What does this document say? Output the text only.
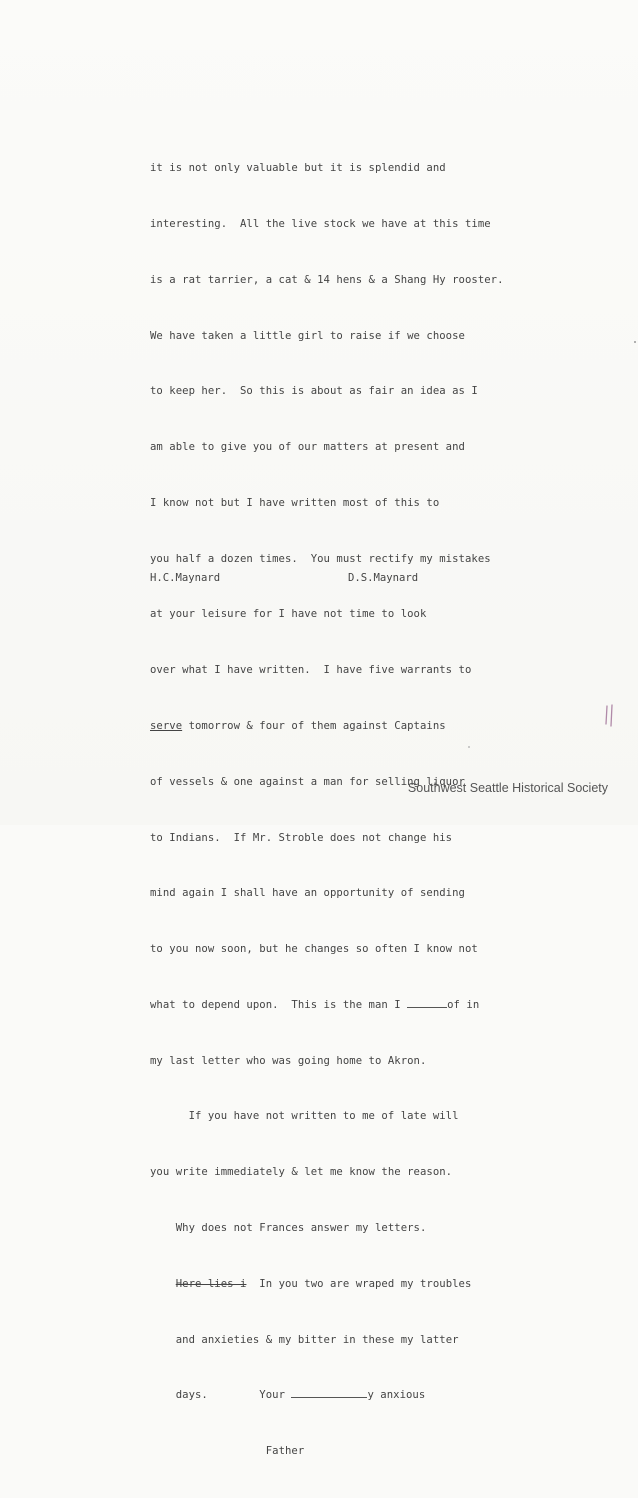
it is not only valuable but it is splendid and

interesting.  All the live stock we have at this time

is a rat tarrier, a cat & 14 hens & a Shang Hy rooster.

We have taken a little girl to raise if we choose

to keep her.  So this is about as fair an idea as I

am able to give you of our matters at present and

I know not but I have written most of this to

you half a dozen times.  You must rectify my mistakes

at your leisure for I have not time to look

over what I have written.  I have five warrants to

serve tomorrow & four of them against Captains

of vessels & one against a man for selling liquor

to Indians.  If Mr. Stroble does not change his

mind again I shall have an opportunity of sending

to you now soon, but he changes so often I know not

what to depend upon.  This is the man I	of in

my last letter who was going home to Akron.

If you have not written to me of late will

you write immediately & let me know the reason.

Why does not Frances answer my letters.

Here lies i  In you two are wraped my troubles

and anxieties & my bitter in these my latter

days.        Your	y anxious

Father

H.C.Maynard	D.S.Maynard
Southwest Seattle Historical Society
